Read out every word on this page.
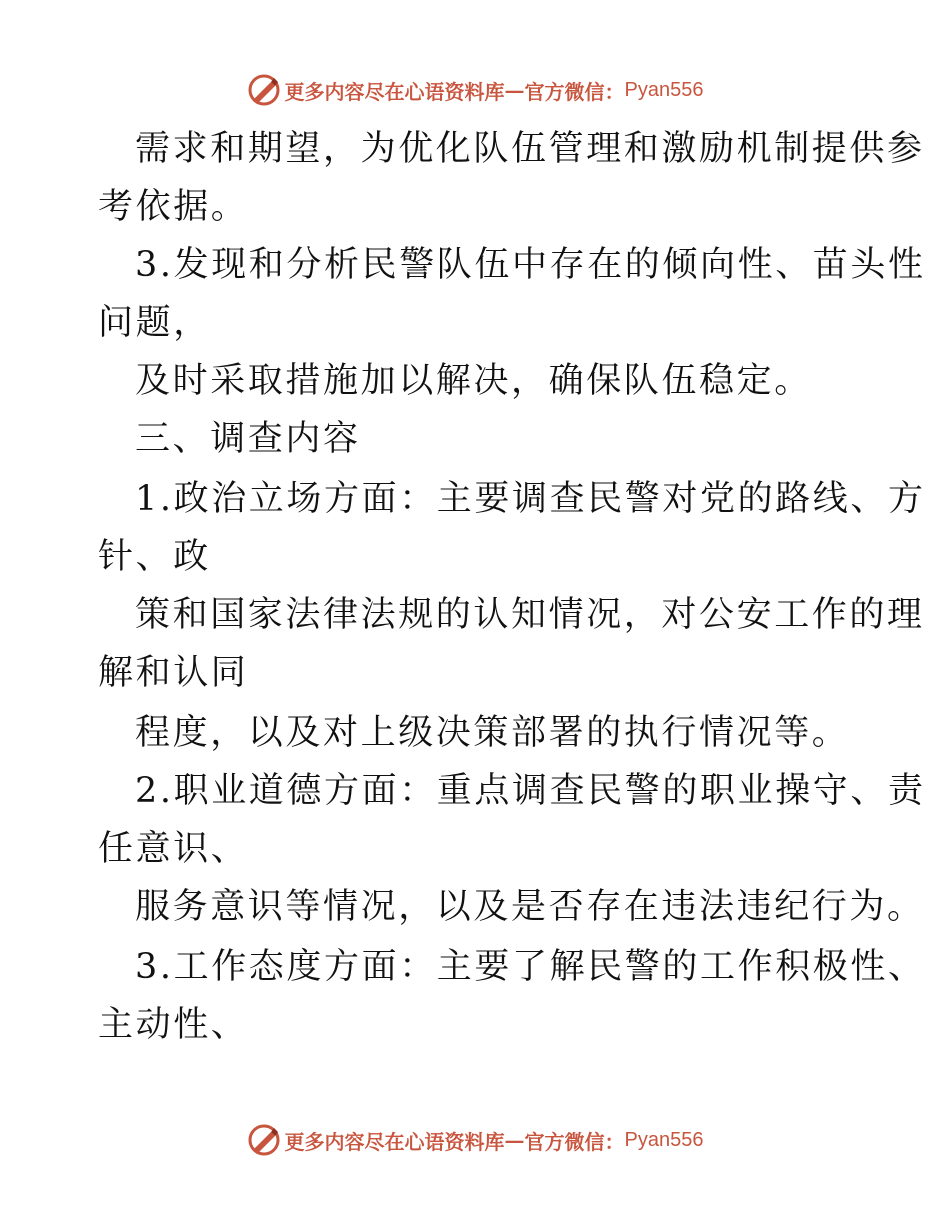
更多内容尽在心语资料库 — 官方微信： Pyan556
需求和期望，为优化队伍管理和激励机制提供参
考依据。
3.发现和分析民警队伍中存在的倾向性、苗头性
问题，
及时采取措施加以解决，确保队伍稳定。
三、调查内容
1.政治立场方面：主要调查民警对党的路线、方
针、政
策和国家法律法规的认知情况，对公安工作的理
解和认同
程度，以及对上级决策部署的执行情况等。
2.职业道德方面：重点调查民警的职业操守、责
任意识、
服务意识等情况，以及是否存在违法违纪行为。
3.工作态度方面：主要了解民警的工作积极性、
主动性、
更多内容尽在心语资料库 — 官方微信： Pyan556
